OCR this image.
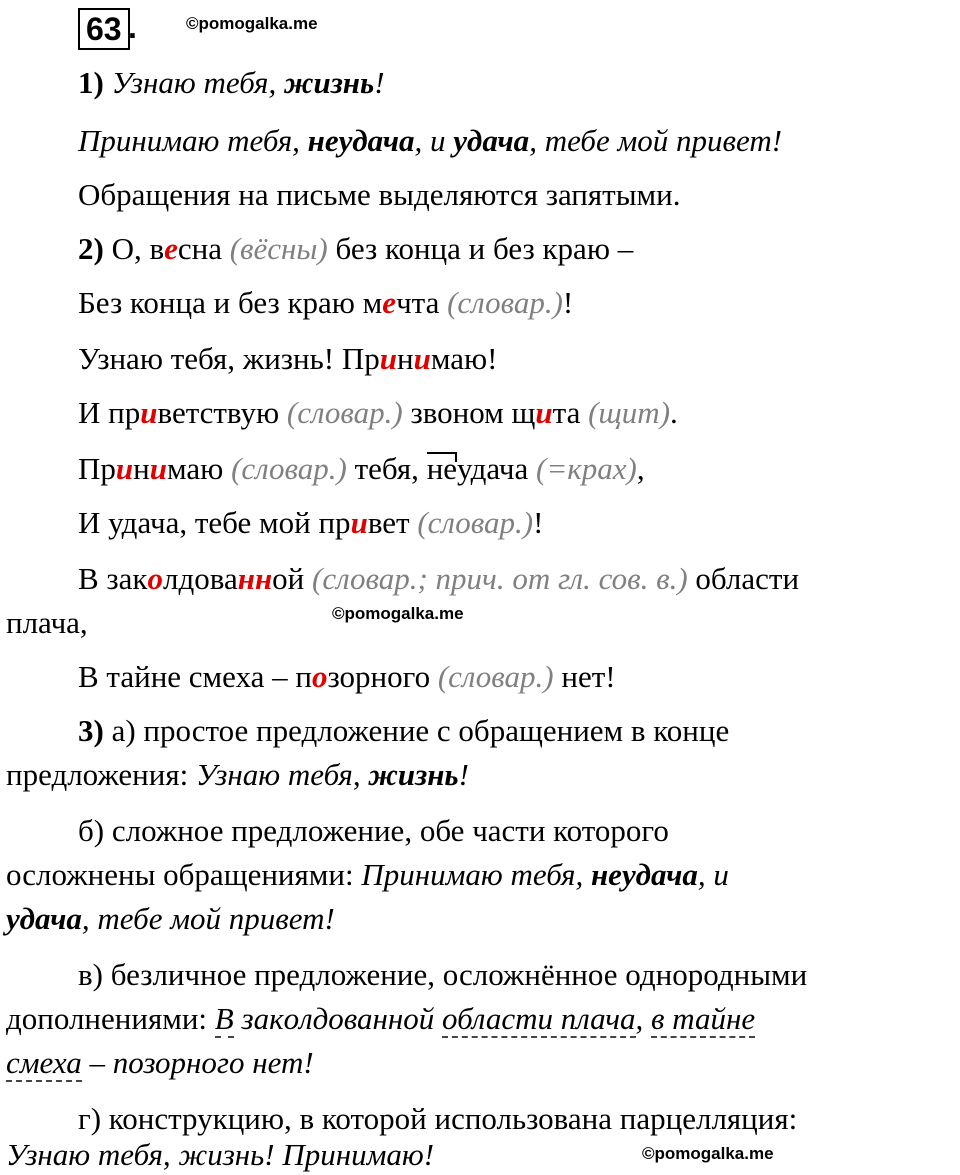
63 .	©pomogalka.me
©pomogalka.me
©pomogalka.me
1) Узнаю тебя, жизнь!
Принимаю тебя, неудача, и удача, тебе мой привет!
Обращения на письме выделяются запятыми.
2) О, весна (вёсны) без конца и без краю –
Без конца и без краю мечта (словар.)!
Узнаю тебя, жизнь! Принимаю!
И приветствую (словар.) звоном щита (щит).
Принимаю (словар.) тебя, неудача (=крах),
И удача, тебе мой привет (словар.)!
В заколдованной (словар.; прич. от гл. сов. в.) области
плача,
В тайне смеха – позорного (словар.) нет!
3) а) простое предложение с обращением в конце
предложения: Узнаю тебя, жизнь!
б) сложное предложение, обе части которого
осложнены обращениями: Принимаю тебя, неудача, и
удача, тебе мой привет!
в) безличное предложение, осложнённое однородными
дополнениями: В закoлдованной области плача, в тайне
смеха – позорного нет!
г) конструкцию, в которой использована парцелляция:
Узнаю тебя, жизнь! Принимаю!
